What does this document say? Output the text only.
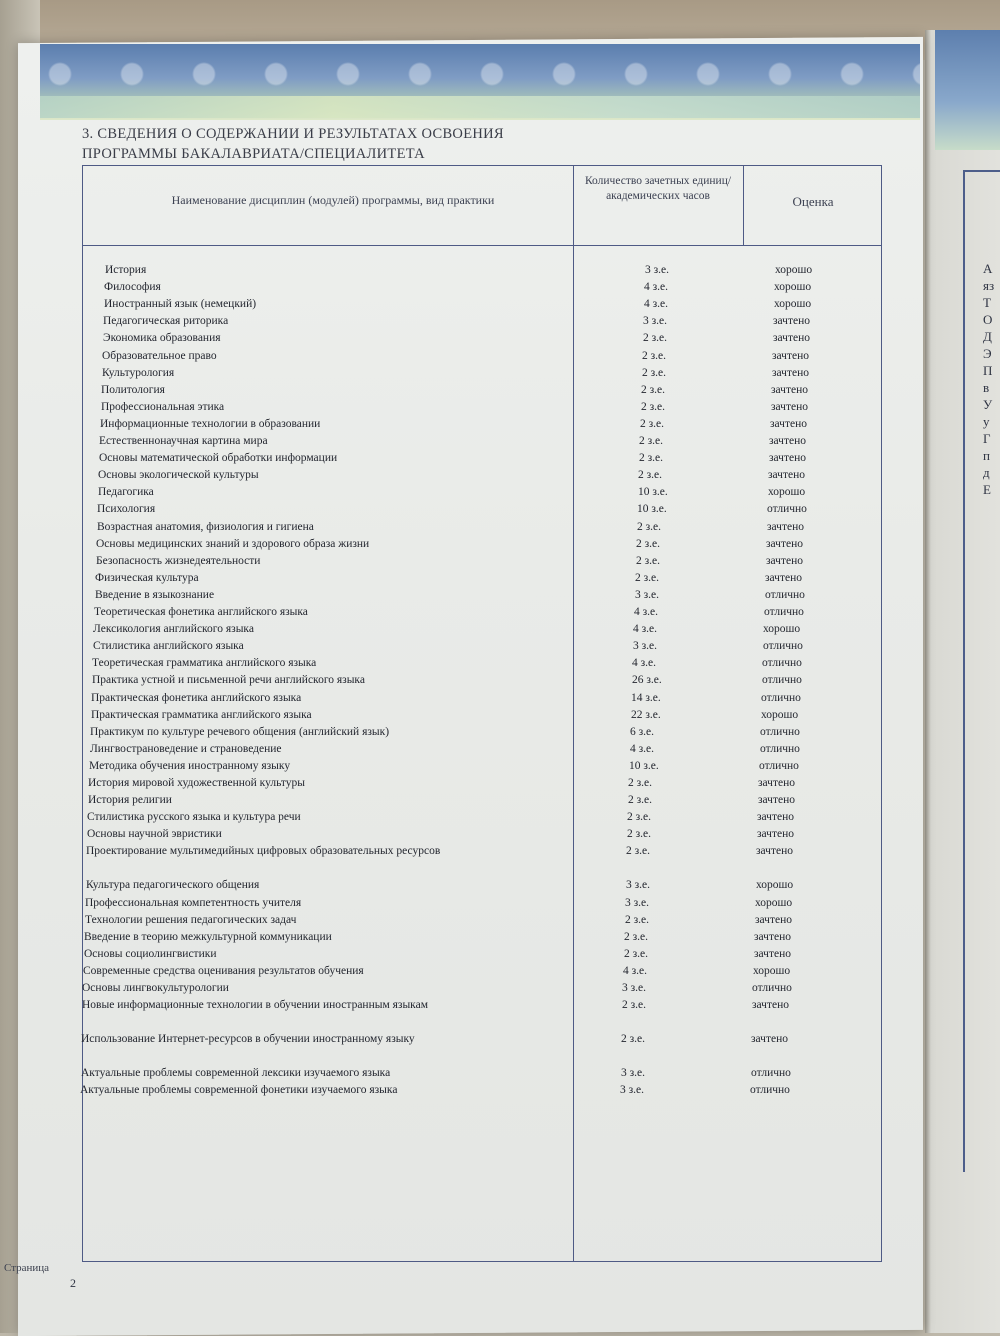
А
яз
Т
О
Д
Э
П
в
У
у
Г
п
д
Е
3. СВЕДЕНИЯ О СОДЕРЖАНИИ И РЕЗУЛЬТАТАХ ОСВОЕНИЯ
ПРОГРАММЫ БАКАЛАВРИАТА/СПЕЦИАЛИТЕТА
Наименование дисциплин (модулей) программы, вид практики
Количество зачетных единиц/ академических часов	Оценка
История	3 з.е.	хорошо
Философия	4 з.е.	хорошо
Иностранный язык (немецкий)	4 з.е.	хорошо
Педагогическая риторика	3 з.е.	зачтено
Экономика образования	2 з.е.	зачтено
Образовательное право	2 з.е.	зачтено
Культурология	2 з.е.	зачтено
Политология	2 з.е.	зачтено
Профессиональная этика	2 з.е.	зачтено
Информационные технологии в образовании	2 з.е.	зачтено
Естественнонаучная картина мира	2 з.е.	зачтено
Основы математической обработки информации	2 з.е.	зачтено
Основы экологической культуры	2 з.е.	зачтено
Педагогика	10 з.е.	хорошо
Психология	10 з.е.	отлично
Возрастная анатомия, физиология и гигиена	2 з.е.	зачтено
Основы медицинских знаний и здорового образа жизни	2 з.е.	зачтено
Безопасность жизнедеятельности	2 з.е.	зачтено
Физическая культура	2 з.е.	зачтено
Введение в языкознание	3 з.е.	отлично
Теоретическая фонетика английского языка	4 з.е.	отлично
Лексикология английского языка	4 з.е.	хорошо
Стилистика английского языка	3 з.е.	отлично
Теоретическая грамматика английского языка	4 з.е.	отлично
Практика устной и письменной речи английского языка	26 з.е.	отлично
Практическая фонетика английского языка	14 з.е.	отлично
Практическая грамматика английского языка	22 з.е.	хорошо
Практикум по культуре речевого общения (английский язык)	6 з.е.	отлично
Лингвострановедение и страноведение	4 з.е.	отлично
Методика обучения иностранному языку	10 з.е.	отлично
История мировой художественной культуры	2 з.е.	зачтено
История религии	2 з.е.	зачтено
Стилистика русского языка и культура речи	2 з.е.	зачтено
Основы научной эвристики	2 з.е.	зачтено
Проектирование мультимедийных цифровых образовательных ресурсов	2 з.е.	зачтено
Культура педагогического общения	3 з.е.	хорошо
Профессиональная компетентность учителя	3 з.е.	хорошо
Технологии решения педагогических задач	2 з.е.	зачтено
Введение в теорию межкультурной коммуникации	2 з.е.	зачтено
Основы социолингвистики	2 з.е.	зачтено
Современные средства оценивания результатов обучения	4 з.е.	хорошо
Основы лингвокультурологии	3 з.е.	отлично
Новые информационные технологии в обучении иностранным языкам	2 з.е.	зачтено
Использование Интернет-ресурсов в обучении иностранному языку	2 з.е.	зачтено
Актуальные проблемы современной лексики изучаемого языка	3 з.е.	отлично
Актуальные проблемы современной фонетики изучаемого языка	3 з.е.	отлично
Страница
2
